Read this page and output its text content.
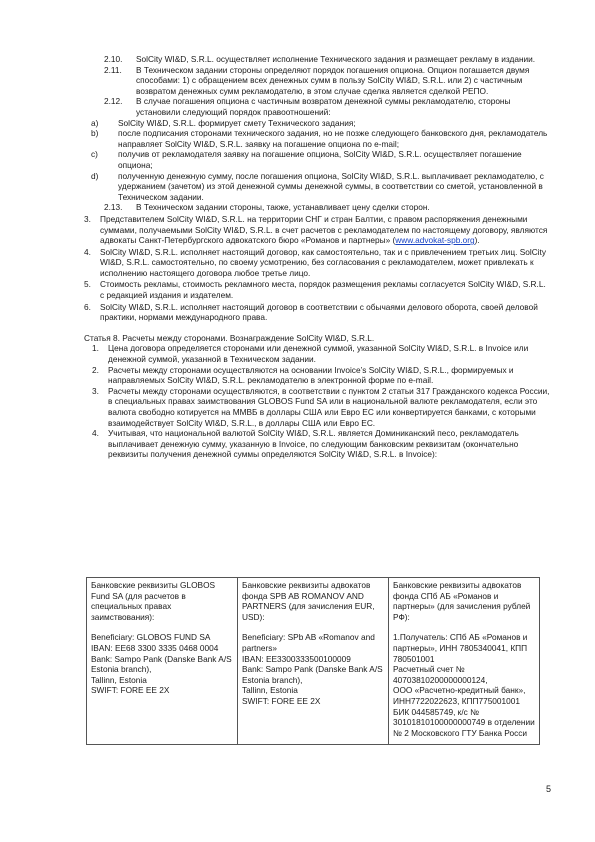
2.10.	SolCity WI&D, S.R.L. осуществляет исполнение Технического задания и размещает рекламу в издании.
2.11.	В Техническом задании стороны определяют порядок погашения опциона. Опцион погашается двумя способами: 1) с обращением всех денежных сумм в пользу SolCity WI&D, S.R.L. или 2) с частичным возвратом денежных сумм рекламодателю, в этом случае сделка является сделкой РЕПО.
2.12.	В случае погашения опциона с частичным возвратом денежной суммы рекламодателю, стороны установили следующий порядок правоотношений:
a)	SolCity WI&D, S.R.L. формирует смету Технического задания;
b)	после подписания сторонами технического задания, но не позже следующего банковского дня, рекламодатель направляет SolCity WI&D, S.R.L. заявку на погашение опциона по e-mail;
c)	получив от рекламодателя заявку на погашение опциона, SolCity WI&D, S.R.L. осуществляет погашение опциона;
d)	полученную денежную сумму, после погашения опциона, SolCity WI&D, S.R.L. выплачивает рекламодателю, с удержанием (зачетом) из этой денежной суммы денежной суммы, в соответствии со сметой, установленной в Техническом задании.
2.13.	В Техническом задании стороны, также, устанавливает цену сделки сторон.
3.	Представителем SolCity WI&D, S.R.L. на территории СНГ и стран Балтии, с правом распоряжения денежными суммами, получаемыми SolCity WI&D, S.R.L. в счет расчетов с рекламодателем по настоящему договору, являются адвокаты Санкт-Петербургского адвокатского бюро «Романов и партнеры» (www.advokat-spb.org).
4.	SolCity WI&D, S.R.L. исполняет настоящий договор, как самостоятельно, так и с привлечением третьих лиц. SolCity WI&D, S.R.L. самостоятельно, по своему усмотрению, без согласования с рекламодателем, может привлекать к исполнению настоящего договора любое третье лицо.
5.	Стоимость рекламы, стоимость рекламного места, порядок размещения рекламы согласуется SolCity WI&D, S.R.L. с редакцией издания и издателем.
6.	SolCity WI&D, S.R.L. исполняет настоящий договор в соответствии с обычаями делового оборота, своей деловой практики, нормами международного права.

Статья 8. Расчеты между сторонами. Вознаграждение SolCity WI&D, S.R.L.

1.	Цена договора определяется сторонами или денежной суммой, указанной SolCity WI&D, S.R.L. в Invoice или денежной суммой, указанной в Техническом задании.
2.	Расчеты между сторонами осуществляются на основании Invoice’s SolCity WI&D, S.R.L., формируемых и направляемых SolCity WI&D, S.R.L. рекламодателю в электронной форме по e-mail.
3.	Расчеты между сторонами осуществляются, в соответствии с пунктом 2 статьи 317 Гражданского кодекса России, в специальных правах заимствования GLOBOS Fund SA или в национальной валюте рекламодателя, если это валюта свободно котируется на ММВБ в доллары США или Евро ЕС или конвертируется банками, с которыми взаимодействует SolCity WI&D, S.R.L., в доллары США или Евро ЕС.
4.	Учитывая, что национальной валютой SolCity WI&D, S.R.L. является Доминиканский песо, рекламодатель выплачивает денежную сумму, указанную в Invoice, по следующим банковским реквизитам (окончательно реквизиты получения денежной суммы определяются SolCity WI&D, S.R.L. в Invoice):
Банковские реквизиты GLOBOS Fund SA (для расчетов в специальных правах заимствования):
Beneficiary: GLOBOS FUND SA
IBAN: EE68 3300 3335 0468 0004
Bank: Sampo Pank (Danske Bank A/S Estonia branch),
Tallinn, Estonia
SWIFT: FORE EE 2X

Банковские реквизиты адвокатов фонда SPB AB ROMANOV AND PARTNERS (для зачисления EUR, USD):
Beneficiary: SPb AB «Romanov and partners»
IBAN: EE330033350010000​9
Bank: Sampo Pank (Danske Bank A/S Estonia branch),
Tallinn, Estonia
SWIFT: FORE EE 2X

Банковские реквизиты адвокатов фонда СПб АБ «Романов и партнеры» (для зачисления рублей РФ):
1.Получатель: СПб АБ «Романов и партнеры», ИНН 7805340041, КПП 780501001
Расчетный счет № 40703810200000000124,
ООО «Расчетно-кредитный банк», ИНН7722022623, КПП775001001 БИК 044585749, к/с № 30101810100000000749 в отделении № 2 Московского ГТУ Банка Росси
5
